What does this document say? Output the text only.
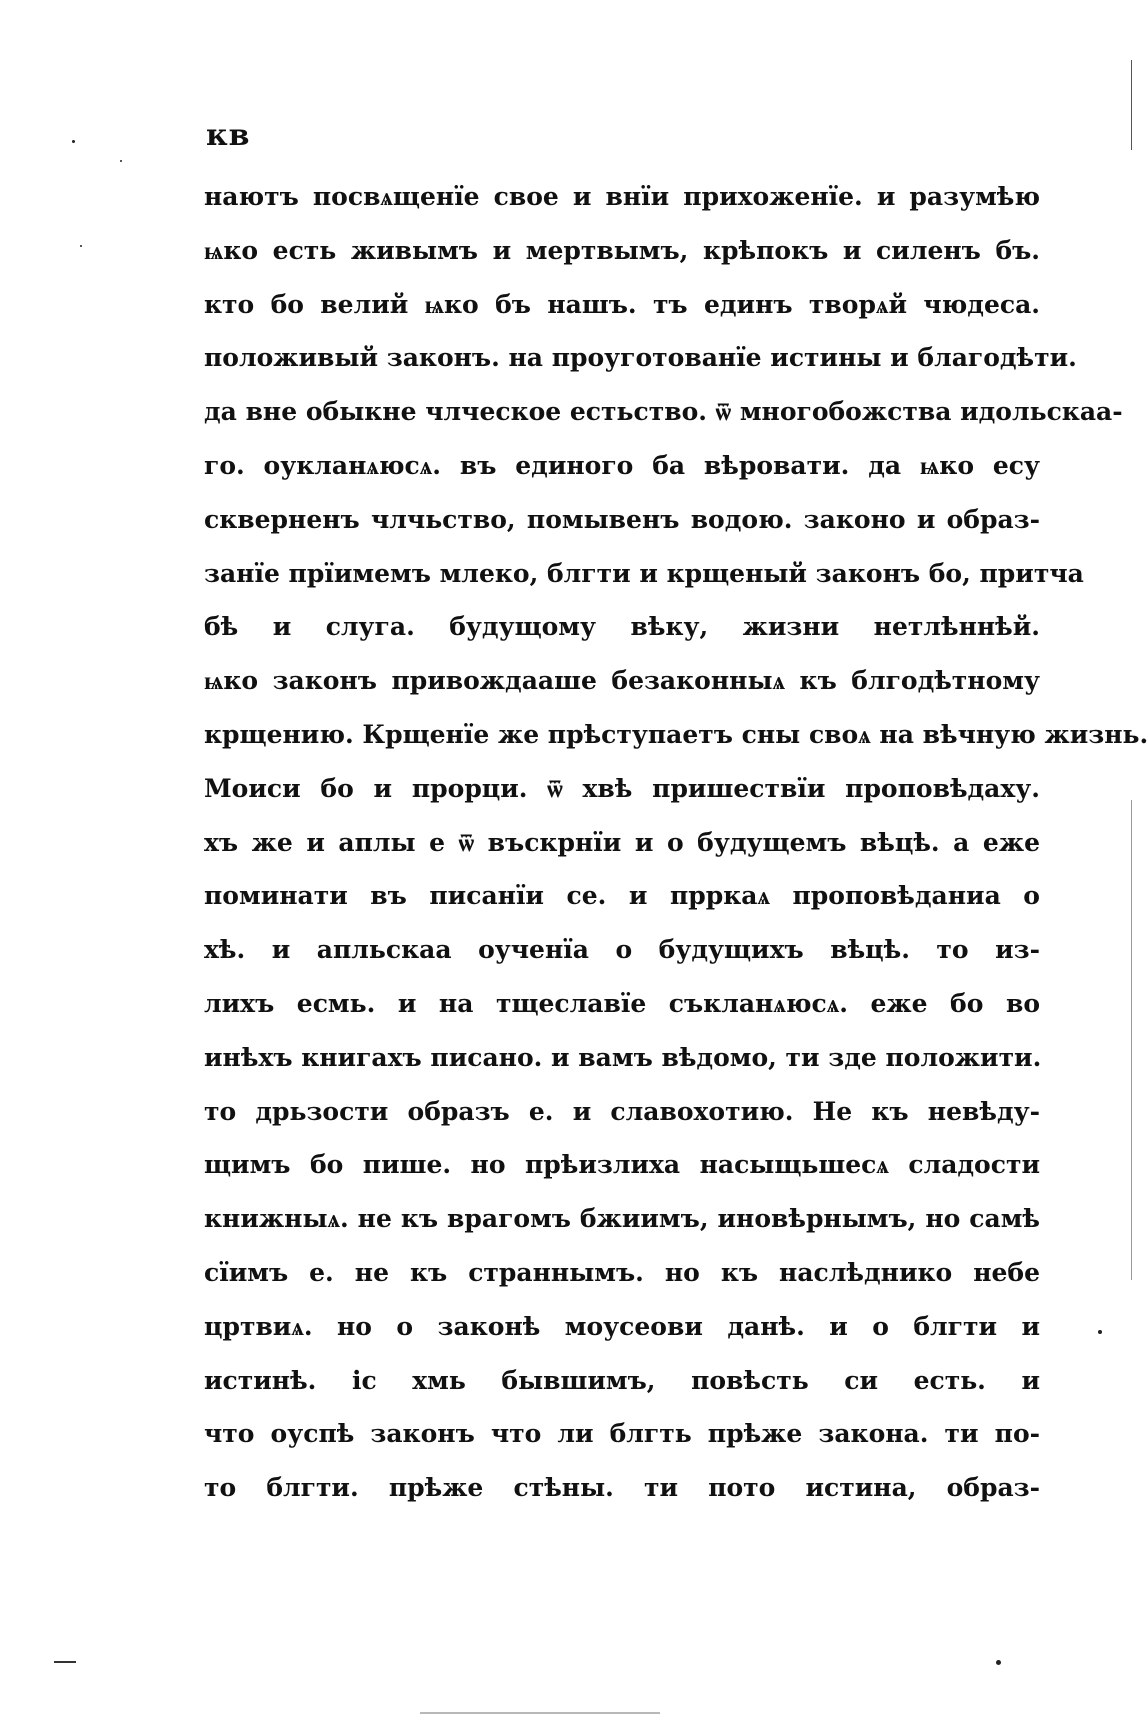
кв
наютъ посвѧщенїе свое и внїи прихоженїе. и разумѣю
ѩко есть живымъ и мертвымъ, крѣпокъ и силенъ бъ.
кто бо велий ѩко бъ нашъ. тъ единъ творѧй чюдеса.
положивый законъ. на проуготованїе истины и благодѣти.
да вне обыкне члческое естьство. ѿ многобожства идольскаа-
го. оукланѧюсѧ. въ единого ба вѣровати. да ѩко есу
скверненъ члчьство, помывенъ водою. законо и образ-
занїе прїимемъ млеко, блгти и крщеный законъ бо, притча
бѣ и слуга. будущому вѣку, жизни нетлѣннѣй.
ѩко законъ привождааше безаконныѧ къ блгодѣтному
крщению. Крщенїе же прѣступаетъ сны своѧ на вѣчную жизнь.
Моиси бо и прорци. ѿ хвѣ пришествїи проповѣдаху.
хъ же и аплы е ѿ въскрнїи и о будущемъ вѣцѣ. а еже
поминати въ писанїи се. и прркаѧ проповѣданиа о
хѣ. и апльскаа оученїа о будущихъ вѣцѣ. то из-
лихъ есмь. и на тщеславїе съкланѧюсѧ. еже бо во
инѣхъ книгахъ писано. и вамъ вѣдомо, ти зде положити.
то дрьзости образъ е. и славохотию. Не къ невѣду-
щимъ бо пише. но прѣизлиха насыщьшесѧ сладости
книжныѧ. не къ врагомъ бжиимъ, иновѣрнымъ, но самѣ
сїимъ е. не къ страннымъ. но къ наслѣднико небе
цртвиѧ. но о законѣ моусеови данѣ. и о блгти и
истинѣ. іс хмь бывшимъ, повѣсть си есть. и
что оуспѣ законъ что ли блгть прѣже закона. ти по-
то блгти. прѣже стѣны. ти пото истина, образ-
